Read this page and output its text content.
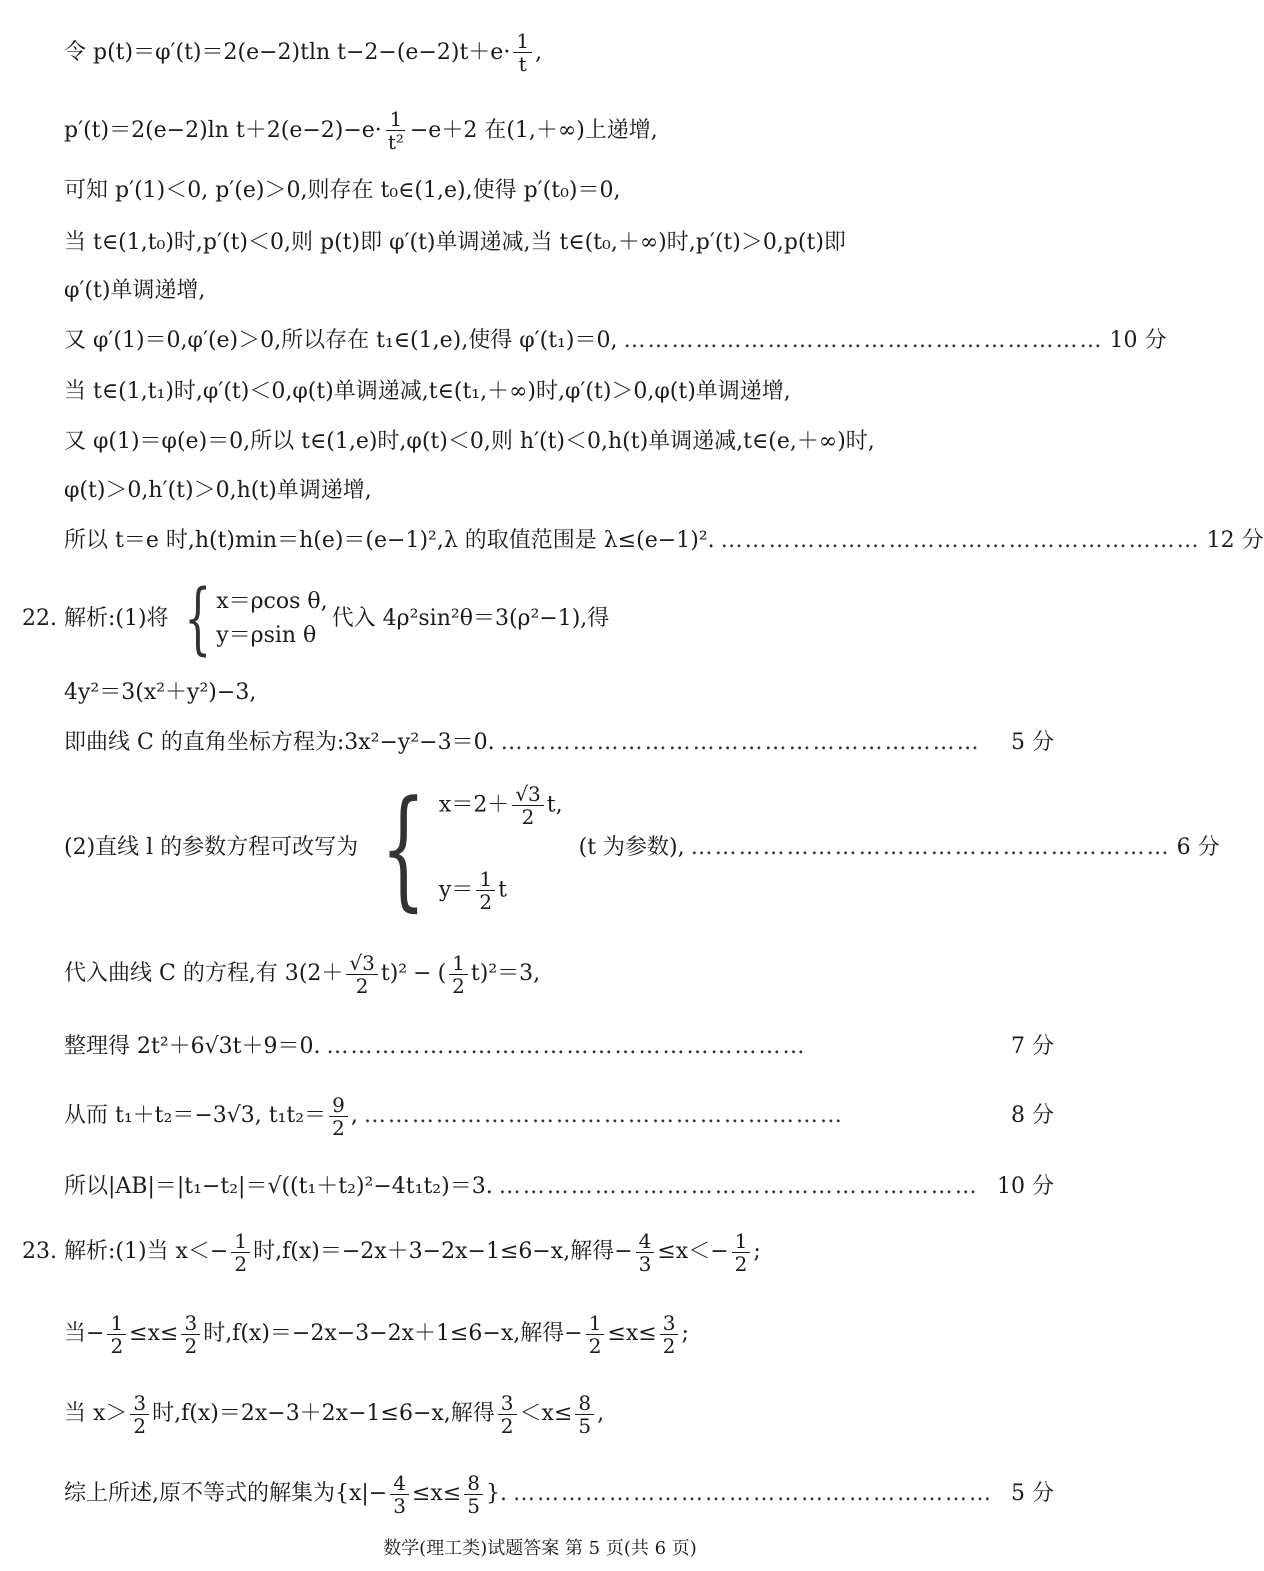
令 p(t)＝φ′(t)＝2(e−2)tln $t-2-(e-2)t+e\cdot \frac{1}{t}$ ,
p′(t)＝2(e−2)ln $t+2(e-2)-e\cdot \frac{1}{\text{t²}} -e+2$ 在(1,＋∞)上递增,
可知 p′(1)＜0, p′(e)＞0,则存在 t₀∈(1,e),使得 p′(t₀)＝0,
当 t∈(1,t₀)时,p′(t)＜0,则 p(t)即 φ′(t)单调递减,当 t∈(t₀,＋∞)时,p′(t)＞0,p(t)即
φ′(t)单调递增,
又 φ′(1)＝0,φ′(e)＞0,所以存在 t₁∈(1,e),使得 φ′(t₁)＝0, …………………………………………………… 10 分
当 t∈(1,t₁)时,φ′(t)＜0,φ(t)单调递减,t∈(t₁,＋∞)时,φ′(t)＞0,φ(t)单调递增,
又 φ(1)＝φ(e)＝0,所以 t∈(1,e)时,φ(t)＜0,则 h′(t)＜0,h(t)单调递减,t∈(e,＋∞)时,
φ(t)＞0,h′(t)＞0,h(t)单调递增,
所以 t＝e 时,h(t)min＝h(e)＝(e−1)²,λ 的取值范围是 λ≤(e−1)². …………………………………………………… 12 分
22. 解析:(1)将 { x＝ρcos θ,
y＝ρsin θ
代入 4ρ²sin²θ＝3(ρ²−1),得
4y²＝3(x²＋y²)−3,
即曲线 C 的直角坐标方程为:3x²−y²−3＝0. ……………………………………………………	5 分
(2)直线 l 的参数方程可改写为 { $x=2+ \frac{√3}{2} t$,
$y= \frac{1}{2}$ t
(t 为参数), …………………………………………………… 6 分
代入曲线 C 的方程,有 3 $(2+ \frac{√3}{2} t)^2$ − ( $\frac{1}{2} t)^2 =3$,
整理得 2t²＋6√3t＋9＝0. ……………………………………………………	7 分
从而 t₁＋t₂＝−3√3, $t_1t_2= \frac{9}{2}$ , ……………………………………………………	8 分
所以|AB|＝|t₁−t₂|＝√((t₁＋t₂)²−4t₁t₂)＝3. …………………………………………………… 10 分
23. 解析:(1)当 $x<- \frac{1}{2}$ 时,f(x)＝−2x＋3−2x−1≤6−x,解得− $\frac{4}{3} \le x<- \frac{1}{2}$ ;
当− $\frac{1}{2} \le x\le \frac{3}{2}$ 时,f(x)＝−2x−3−2x＋1≤6−x,解得− $\frac{1}{2} \le x\le \frac{3}{2}$ ;
当 $x> \frac{3}{2}$ 时,f(x)＝2x−3＋2x−1≤6−x,解得 $\frac{3}{2} <x\le \frac{8}{5}$ ,
综上所述,原不等式的解集为{$x|- \frac{4}{3} \le x\le \frac{8}{5}$ }. …………………………………………………… 5 分
数学(理工类)试题答案 第 5 页(共 6 页)
